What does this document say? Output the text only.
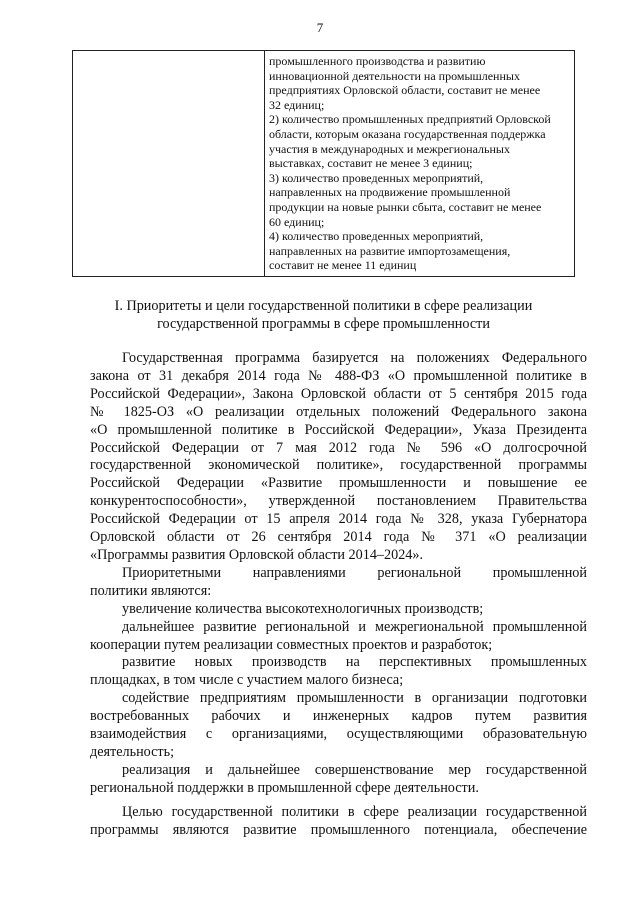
7

промышленного производства и развитию
инновационной деятельности на промышленных
предприятиях Орловской области, составит не менее
32 единиц;
2) количество промышленных предприятий Орловской
области, которым оказана государственная поддержка
участия в международных и межрегиональных
выставках, составит не менее 3 единиц;
3) количество проведенных мероприятий,
направленных на продвижение промышленной
продукции на новые рынки сбыта, составит не менее
60 единиц;
4) количество проведенных мероприятий,
направленных на развитие импортозамещения,
составит не менее 11 единиц
I. Приоритеты и цели государственной политики в сфере реализации
государственной программы в сфере промышленности
Государственная программа базируется на положениях Федерального
закона от 31 декабря 2014 года № 488-ФЗ «О промышленной политике в
Российской Федерации», Закона Орловской области от 5 сентября 2015 года
№ 1825-ОЗ «О реализации отдельных положений Федерального закона
«О промышленной политике в Российской Федерации», Указа Президента
Российской Федерации от 7 мая 2012 года № 596 «О долгосрочной
государственной экономической политике», государственной программы
Российской Федерации «Развитие промышленности и повышение ее
конкурентоспособности», утвержденной постановлением Правительства
Российской Федерации от 15 апреля 2014 года № 328, указа Губернатора
Орловской области от 26 сентября 2014 года № 371 «О реализации
«Программы развития Орловской области 2014–2024».
Приоритетными направлениями региональной промышленной
политики являются:
увеличение количества высокотехнологичных производств;
дальнейшее развитие региональной и межрегиональной промышленной
кооперации путем реализации совместных проектов и разработок;
развитие новых производств на перспективных промышленных
площадках, в том числе с участием малого бизнеса;
содействие предприятиям промышленности в организации подготовки
востребованных рабочих и инженерных кадров путем развития
взаимодействия с организациями, осуществляющими образовательную
деятельность;
реализация и дальнейшее совершенствование мер государственной
региональной поддержки в промышленной сфере деятельности.
Целью государственной политики в сфере реализации государственной
программы являются развитие промышленного потенциала, обеспечение
